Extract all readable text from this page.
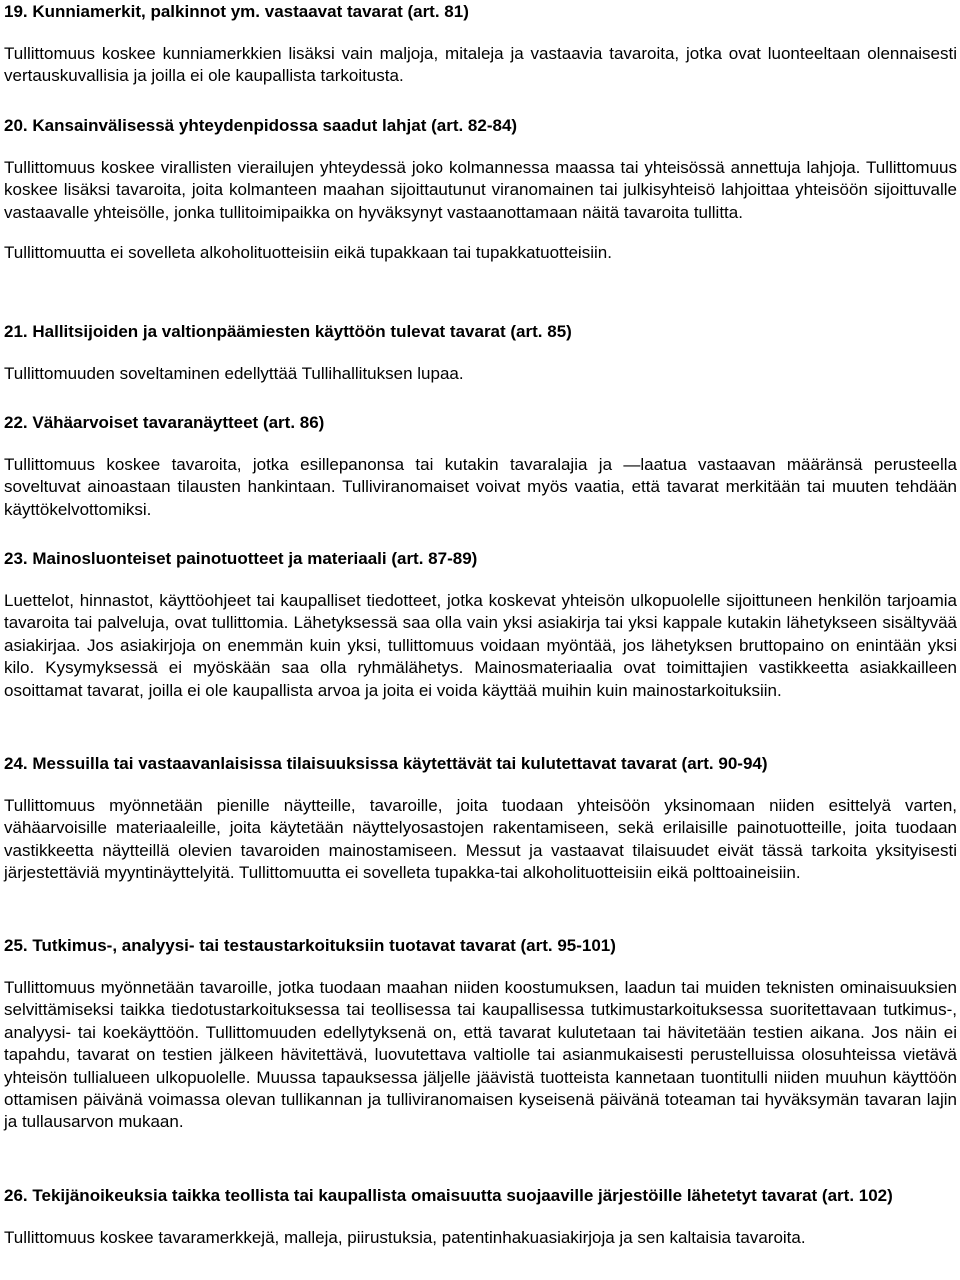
19. Kunniamerkit, palkinnot ym. vastaavat tavarat (art. 81)

Tullittomuus koskee kunniamerkkien lisäksi vain maljoja, mitaleja ja vastaavia tavaroita, jotka ovat luonteeltaan olennaisesti vertauskuvallisia ja joilla ei ole kaupallista tarkoitusta.

20. Kansainvälisessä yhteydenpidossa saadut lahjat (art. 82-84)

Tullittomuus koskee virallisten vierailujen yhteydessä joko kolmannessa maassa tai yhteisössä annettuja lahjoja. Tullittomuus koskee lisäksi tavaroita, joita kolmanteen maahan sijoittautunut viranomainen tai julkisyhteisö lahjoittaa yhteisöön sijoittuvalle vastaavalle yhteisölle, jonka tullitoimipaikka on hyväksynyt vastaanottamaan näitä tavaroita tullitta.

Tullittomuutta ei sovelleta alkoholituotteisiin eikä tupakkaan tai tupakkatuotteisiin.

21. Hallitsijoiden ja valtionpäämiesten käyttöön tulevat tavarat (art. 85)

Tullittomuuden soveltaminen edellyttää Tullihallituksen lupaa.

22. Vähäarvoiset tavaranäytteet (art. 86)

Tullittomuus koskee tavaroita, jotka esillepanonsa tai kutakin tavaralajia ja —laatua vastaavan määränsä perusteella soveltuvat ainoastaan tilausten hankintaan. Tulliviranomaiset voivat myös vaatia, että tavarat merkitään tai muuten tehdään käyttökelvottomiksi.

23. Mainosluonteiset painotuotteet ja materiaali (art. 87-89)

Luettelot, hinnastot, käyttöohjeet tai kaupalliset tiedotteet, jotka koskevat yhteisön ulkopuolelle sijoittuneen henkilön tarjoamia tavaroita tai palveluja, ovat tullittomia. Lähetyksessä saa olla vain yksi asiakirja tai yksi kappale kutakin lähetykseen sisältyvää asiakirjaa. Jos asiakirjoja on enemmän kuin yksi, tullittomuus voidaan myöntää, jos lähetyksen bruttopaino on enintään yksi kilo. Kysymyksessä ei myöskään saa olla ryhmälähetys. Mainosmateriaalia ovat toimittajien vastikkeetta asiakkailleen osoittamat tavarat, joilla ei ole kaupallista arvoa ja joita ei voida käyttää muihin kuin mainostarkoituksiin.

24. Messuilla tai vastaavanlaisissa tilaisuuksissa käytettävät tai kulutettavat tavarat (art. 90-94)

Tullittomuus myönnetään pienille näytteille, tavaroille, joita tuodaan yhteisöön yksinomaan niiden esittelyä varten, vähäarvoisille materiaaleille, joita käytetään näyttelyosastojen rakentamiseen, sekä erilaisille painotuotteille, joita tuodaan vastikkeetta näytteillä olevien tavaroiden mainostamiseen. Messut ja vastaavat tilaisuudet eivät tässä tarkoita yksityisesti järjestettäviä myyntinäyttelyitä. Tullittomuutta ei sovelleta tupakka-tai alkoholituotteisiin eikä polttoaineisiin.

25. Tutkimus-, analyysi- tai testaustarkoituksiin tuotavat tavarat (art. 95-101)

Tullittomuus myönnetään tavaroille, jotka tuodaan maahan niiden koostumuksen, laadun tai muiden teknisten ominaisuuksien selvittämiseksi taikka tiedotustarkoituksessa tai teollisessa tai kaupallisessa tutkimustarkoituksessa suoritettavaan tutkimus-, analyysi- tai koekäyttöön. Tullittomuuden edellytyksenä on, että tavarat kulutetaan tai hävitetään testien aikana. Jos näin ei tapahdu, tavarat on testien jälkeen hävitettävä, luovutettava valtiolle tai asianmukaisesti perustelluissa olosuhteissa vietävä yhteisön tullialueen ulkopuolelle. Muussa tapauksessa jäljelle jäävistä tuotteista kannetaan tuontitulli niiden muuhun käyttöön ottamisen päivänä voimassa olevan tullikannan ja tulliviranomaisen kyseisenä päivänä toteaman tai hyväksymän tavaran lajin ja tullausarvon mukaan.

26. Tekijänoikeuksia taikka teollista tai kaupallista omaisuutta suojaaville järjestöille lähetetyt tavarat (art. 102)

Tullittomuus koskee tavaramerkkejä, malleja, piirustuksia, patentinhakuasiakirjoja ja sen kaltaisia tavaroita.
